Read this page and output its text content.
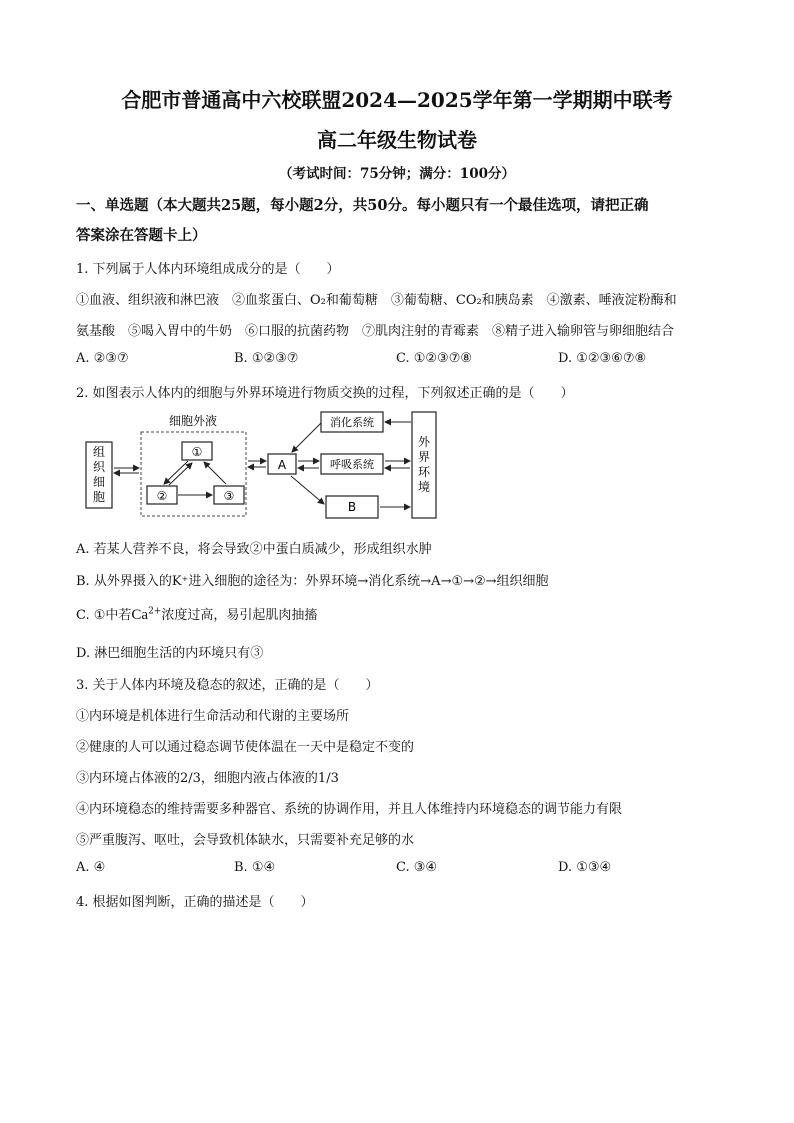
合肥市普通高中六校联盟2024—2025学年第一学期期中联考
高二年级生物试卷
（考试时间：75分钟；满分：100分）
一、单选题（本大题共25题，每小题2分，共50分。每小题只有一个最佳选项，请把正确
答案涂在答题卡上）
1. 下列属于人体内环境组成成分的是（　　）
①血液、组织液和淋巴液　②血浆蛋白、O₂和葡萄糖　③葡萄糖、CO₂和胰岛素　④激素、唾液淀粉酶和
氨基酸　⑤喝入胃中的牛奶　⑥口服的抗菌药物　⑦肌肉注射的青霉素　⑧精子进入输卵管与卵细胞结合
A. ②③⑦	B. ①②③⑦	C. ①②③⑦⑧	D. ①②③⑥⑦⑧
2. 如图表示人体内的细胞与外界环境进行物质交换的过程，下列叙述正确的是（　　）
组
织
细
胞
细胞外液
①
②	③
A
消化系统
呼吸系统
B
外
界
环
境
A. 若某人营养不良，将会导致②中蛋白质减少，形成组织水肿
B. 从外界摄入的K⁺进入细胞的途径为：外界环境→消化系统→A→①→②→组织细胞
C. ①中若$Ca^{2+}$浓度过高，易引起肌肉抽搐
D. 淋巴细胞生活的内环境只有③
3. 关于人体内环境及稳态的叙述，正确的是（　　）
①内环境是机体进行生命活动和代谢的主要场所
②健康的人可以通过稳态调节使体温在一天中是稳定不变的
③内环境占体液的2/3，细胞内液占体液的1/3
④内环境稳态的维持需要多种器官、系统的协调作用，并且人体维持内环境稳态的调节能力有限
⑤严重腹泻、呕吐，会导致机体缺水，只需要补充足够的水
A. ④	B. ①④	C. ③④	D. ①③④
4. 根据如图判断，正确的描述是（　　）
